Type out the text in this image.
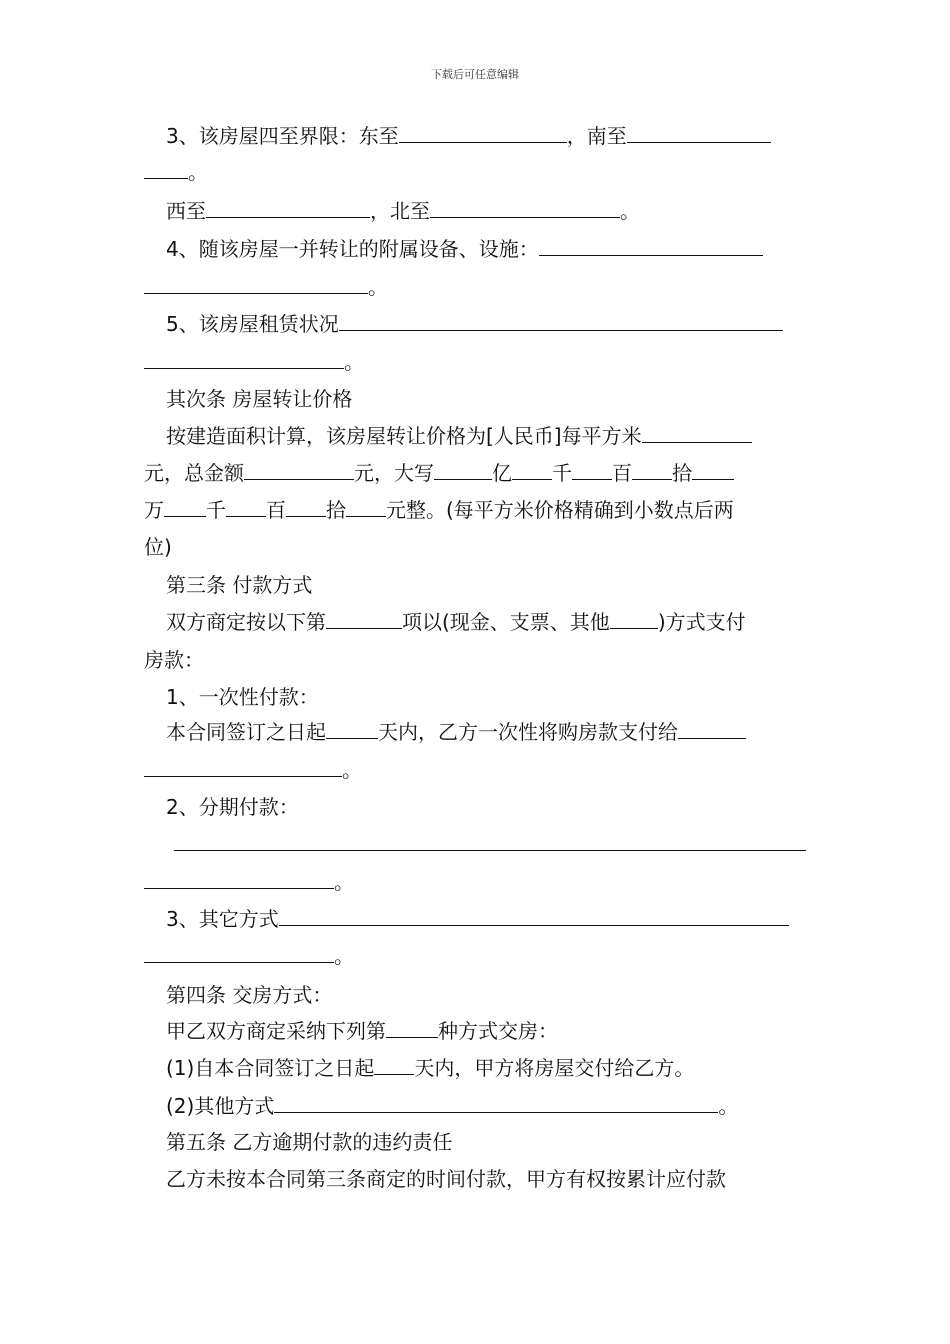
下载后可任意编辑
3、该房屋四至界限：东至	，南至
。
西至	，北至	。
4、随该房屋一并转让的附属设备、设施：
。
5、该房屋租赁状况
。
其次条 房屋转让价格
按建造面积计算，该房屋转让价格为[人民币]每平方米
元，总金额	元，大写	亿 千 百 拾
万 千 百 拾 元整。(每平方米价格精确到小数点后两
位)
第三条 付款方式
双方商定按以下第	项以(现金、支票、其他 )方式支付
房款：
1、一次性付款：
本合同签订之日起	天内，乙方一次性将购房款支付给
。
2、分期付款：
。
3、其它方式
。
第四条 交房方式：
甲乙双方商定采纳下列第	种方式交房：
(1)自本合同签订之日起 天内，甲方将房屋交付给乙方。
(2)其他方式	。
第五条 乙方逾期付款的违约责任
乙方未按本合同第三条商定的时间付款，甲方有权按累计应付款
